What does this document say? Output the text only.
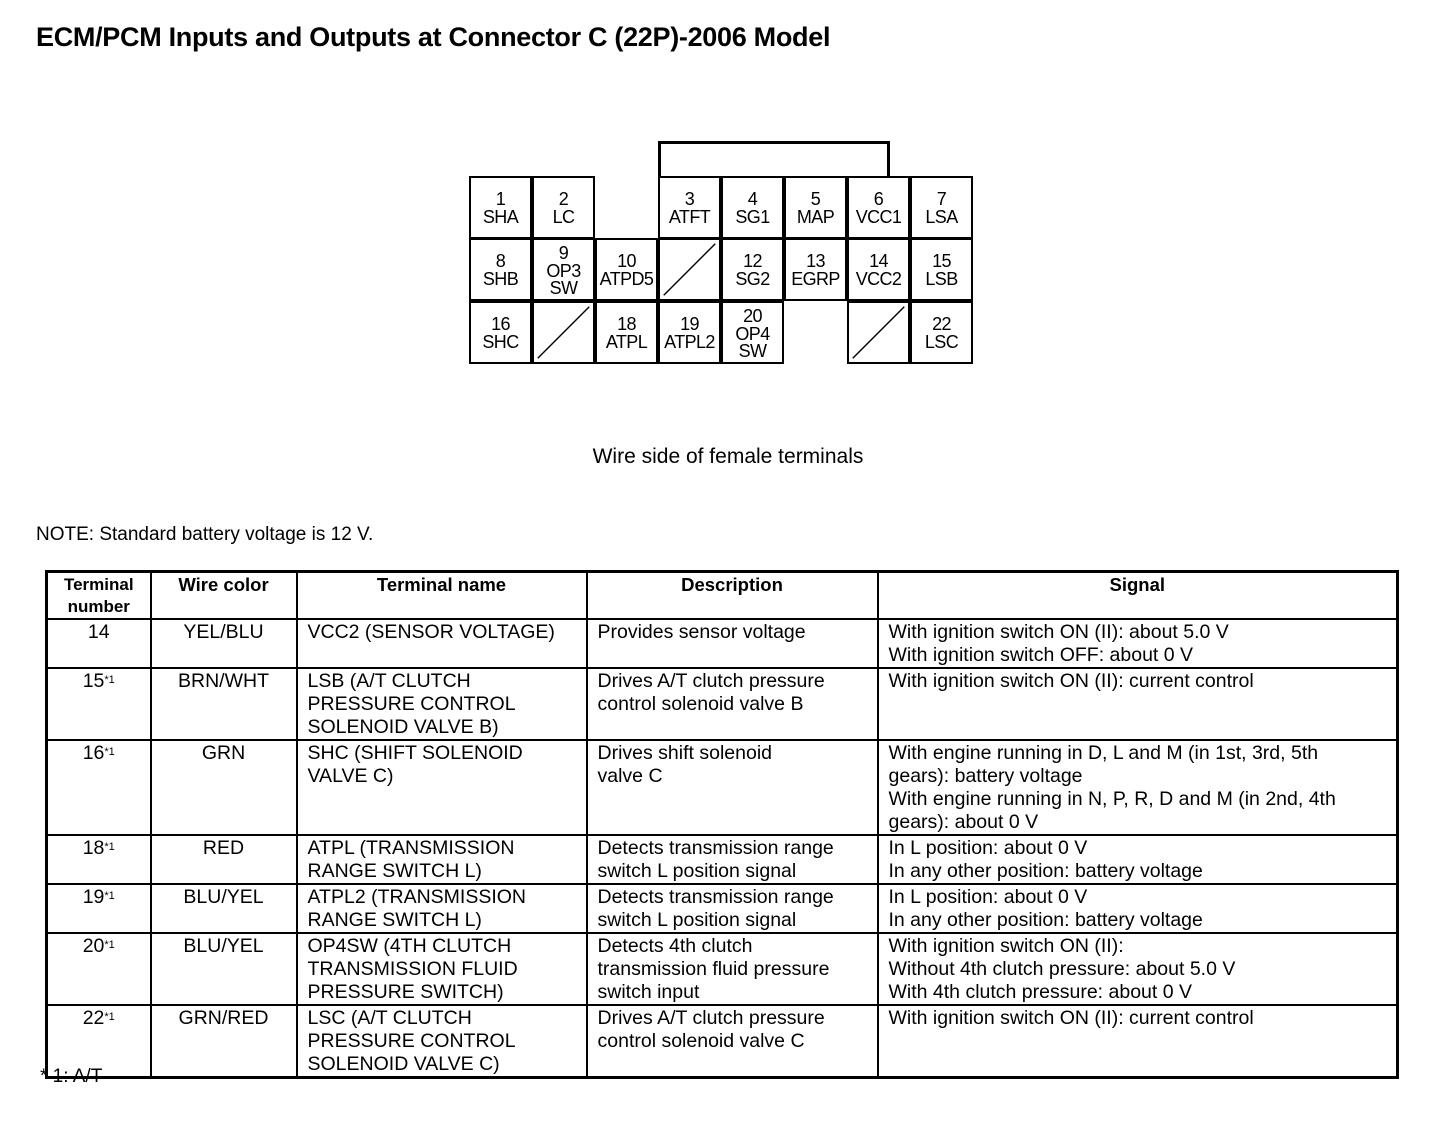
ECM/PCM Inputs and Outputs at Connector C (22P)-2006 Model
1
SHA
2
LC
3
ATFT
4
SG1
5
MAP
6
VCC1
7
LSA
8
SHB
9
OP3
SW
10
ATPD5
12
SG2
13
EGRP
14
VCC2
15
LSB
16
SHC
18
ATPL
19
ATPL2
20
OP4
SW
22
LSC
Wire side of female terminals
NOTE: Standard battery voltage is 12 V.
Terminal
number	Wire color	Terminal name	Description	Signal
14	YEL/BLU	VCC2 (SENSOR VOLTAGE)	Provides sensor voltage	With ignition switch ON (II): about 5.0 V
With ignition switch OFF: about 0 V
15$^{*1}$	BRN/WHT	LSB (A/T CLUTCH
PRESSURE CONTROL
SOLENOID VALVE B)	Drives A/T clutch pressure
control solenoid valve B	With ignition switch ON (II): current control
16$^{*1}$	GRN	SHC (SHIFT SOLENOID
VALVE C)	Drives shift solenoid
valve C	With engine running in D, L and M (in 1st, 3rd, 5th
gears): battery voltage
With engine running in N, P, R, D and M (in 2nd, 4th
gears): about 0 V
18$^{*1}$	RED	ATPL (TRANSMISSION
RANGE SWITCH L)	Detects transmission range
switch L position signal	In L position: about 0 V
In any other position: battery voltage
19$^{*1}$	BLU/YEL	ATPL2 (TRANSMISSION
RANGE SWITCH L)	Detects transmission range
switch L position signal	In L position: about 0 V
In any other position: battery voltage
20$^{*1}$	BLU/YEL	OP4SW (4TH CLUTCH
TRANSMISSION FLUID
PRESSURE SWITCH)	Detects 4th clutch
transmission fluid pressure
switch input	With ignition switch ON (II):
Without 4th clutch pressure: about 5.0 V
With 4th clutch pressure: about 0 V
22$^{*1}$	GRN/RED	LSC (A/T CLUTCH
PRESSURE CONTROL
SOLENOID VALVE C)	Drives A/T clutch pressure
control solenoid valve C	With ignition switch ON (II): current control
* 1: A/T
